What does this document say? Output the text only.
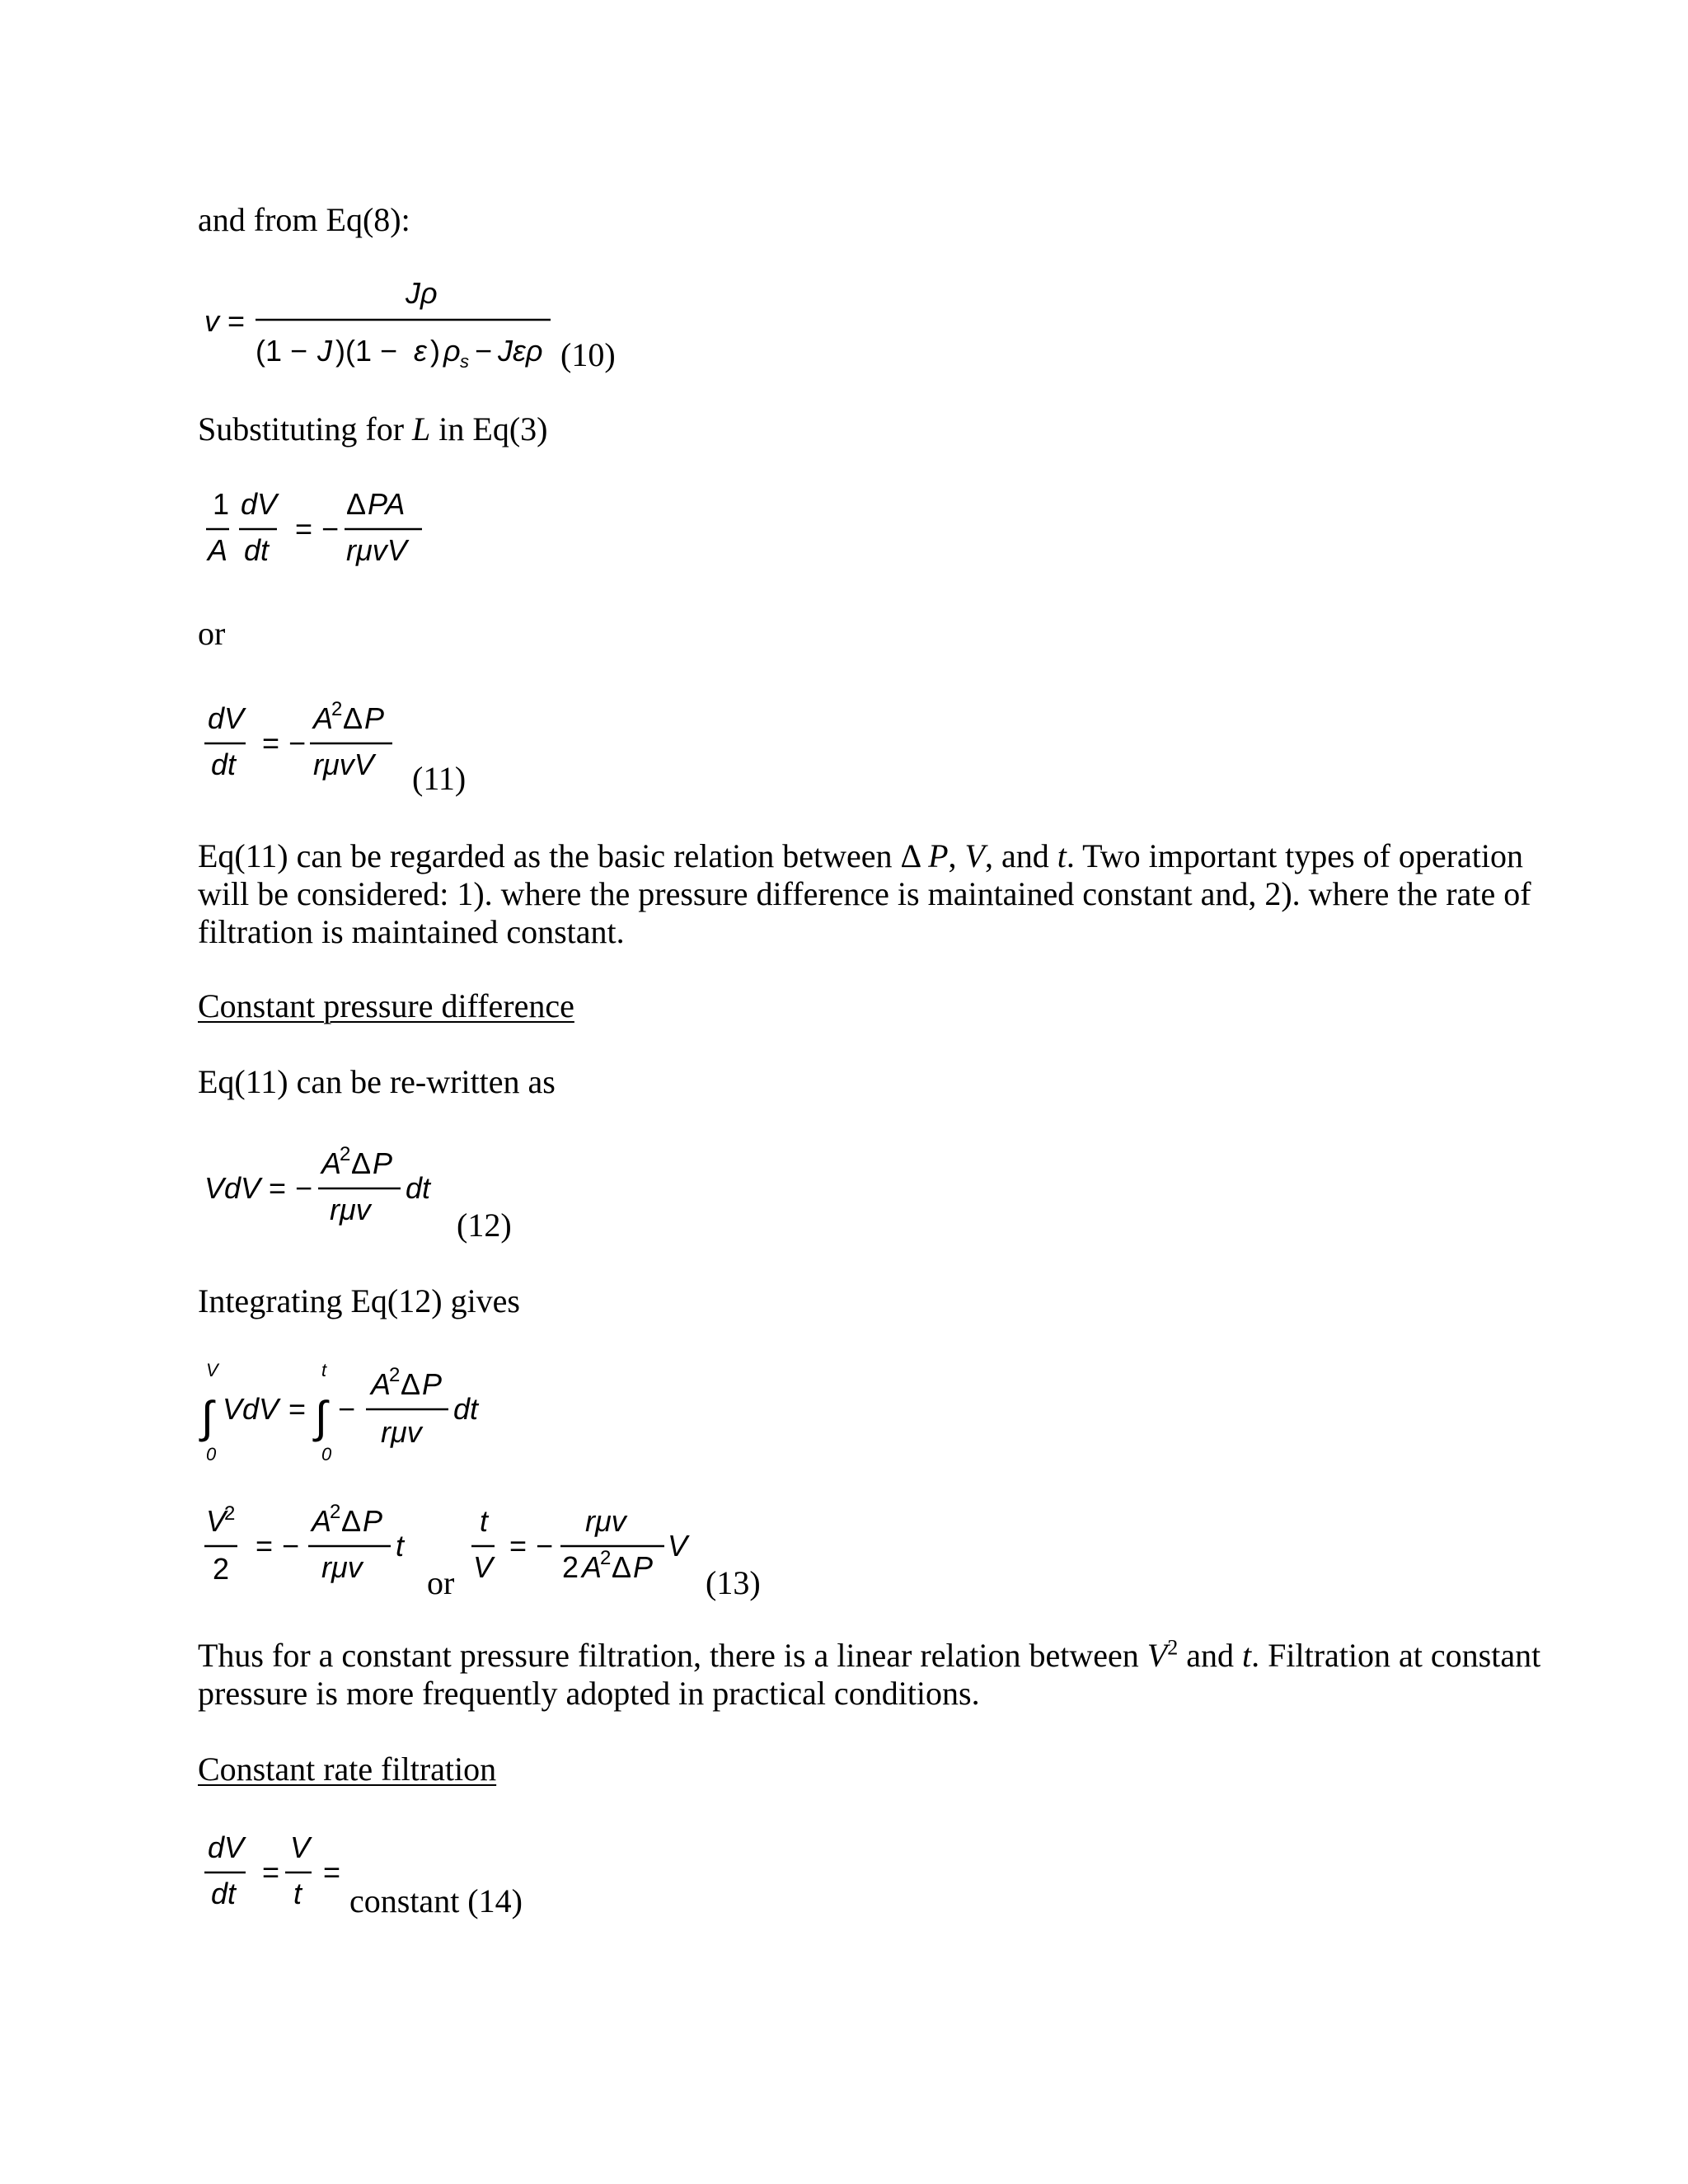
and from Eq(8):
v =
Jρ
(1 − J )(1 − ε ) ρ s − Jερ (10)
Substituting for L in Eq(3)
1 dV
A dt
= −
Δ PA
rμvV
or
dV
dt
= −
A
2 Δ P
rμvV (11)
Eq(11) can be regarded as the basic relation between Δ P, V, and t. Two important types of operation will be considered: 1). where the pressure difference is maintained constant and, 2). where the rate of filtration is maintained constant.
Constant pressure difference
Eq(11) can be re-written as
VdV = −
A
2 Δ P
rμv
dt
(12)
Integrating Eq(12) gives
V
∫
0
VdV =
t
∫
0
−
A
2 Δ P
rμv
dt
V
2
2
= −
A
2 Δ P
rμv
t
t
V
= −
rμv
2 A
2 Δ P
V
or	(13)
Thus for a constant pressure filtration, there is a linear relation between $V^2$ and t. Filtration at constant pressure is more frequently adopted in practical conditions.
Constant rate filtration
dV
dt
=
V
t
=
constant (14)
